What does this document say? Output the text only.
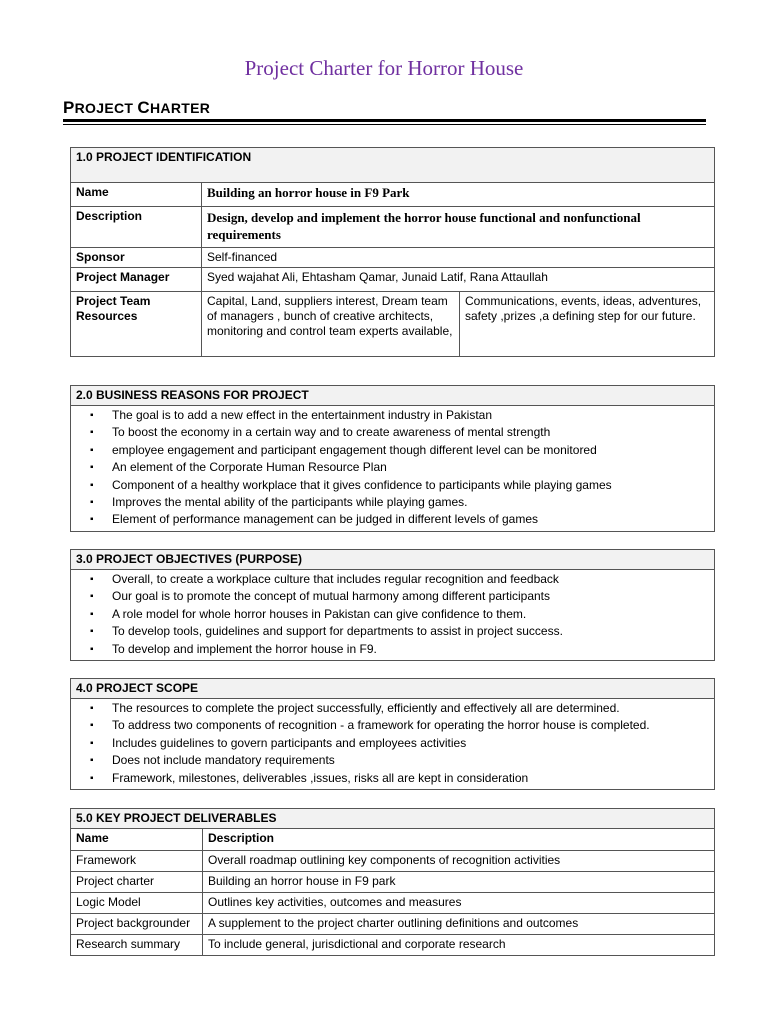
Project Charter for Horror House
PROJECT CHARTER
1.0 PROJECT IDENTIFICATION		
Name	Building an horror house in F9 Park	
Description	Design, develop and implement the horror house functional and nonfunctional requirements	
Sponsor	Self-financed	
Project Manager	Syed wajahat Ali, Ehtasham Qamar, Junaid Latif, Rana Attaullah	
Project Team Resources	Capital, Land, suppliers interest, Dream team of managers , bunch of creative architects, monitoring and control team experts available,	Communications, events, ideas, adventures, safety ,prizes ,a defining step for our future.
2.0 BUSINESS REASONS FOR PROJECT

▪ The goal is to add a new effect in the entertainment industry in Pakistan
▪ To boost the economy in a certain way and to create awareness of mental strength
▪ employee engagement and participant engagement though different level can be monitored
▪ An element of the Corporate Human Resource Plan
▪ Component of a healthy workplace that it gives confidence to participants while playing games
▪ Improves the mental ability of the participants while playing games.
▪ Element of performance management can be judged in different levels of games
3.0 PROJECT OBJECTIVES (PURPOSE)

▪ Overall, to create a workplace culture that includes regular recognition and feedback
▪ Our goal is to promote the concept of mutual harmony among different participants
▪ A role model for whole horror houses in Pakistan can give confidence to them.
▪ To develop tools, guidelines and support for departments to assist in project success.
▪ To develop and implement the horror house in F9.
4.0 PROJECT SCOPE

▪ The resources to complete the project successfully, efficiently and effectively all are determined.
▪ To address two components of recognition - a framework for operating the horror house is completed.
▪ Includes guidelines to govern participants and employees activities
▪ Does not include mandatory requirements
▪ Framework, milestones, deliverables ,issues, risks all are kept in consideration
5.0 KEY PROJECT DELIVERABLES	
Name	Description
Framework	Overall roadmap outlining key components of recognition activities
Project charter	Building an horror house in F9 park
Logic Model	Outlines key activities, outcomes and measures
Project backgrounder	A supplement to the project charter outlining definitions and outcomes
Research summary	To include general, jurisdictional and corporate research
